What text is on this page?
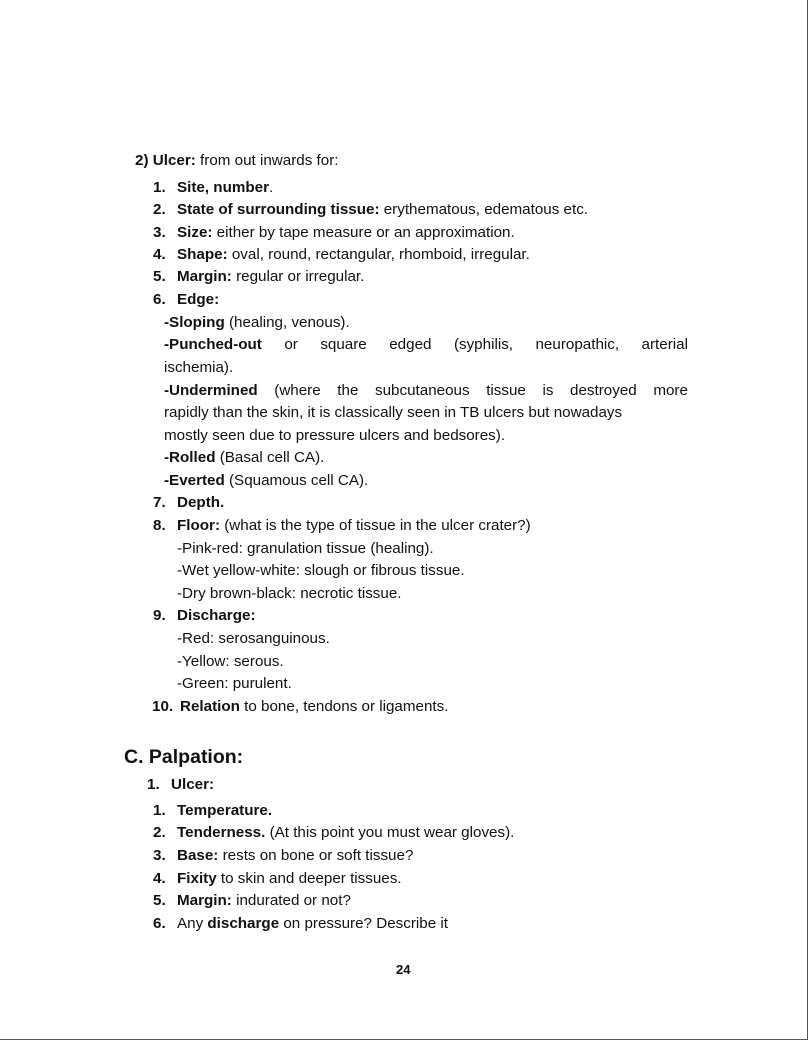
2) Ulcer: from out inwards for:
1. Site, number.
2. State of surrounding tissue: erythematous, edematous etc.
3. Size: either by tape measure or an approximation.
4. Shape: oval, round, rectangular, rhomboid, irregular.
5. Margin: regular or irregular.
6. Edge:
-Sloping (healing, venous).
-Punched-out or square edged (syphilis, neuropathic, arterial
ischemia).
-Undermined (where the subcutaneous tissue is destroyed more
rapidly than the skin, it is classically seen in TB ulcers but nowadays
mostly seen due to pressure ulcers and bedsores).
-Rolled (Basal cell CA).
-Everted (Squamous cell CA).
7. Depth.
8. Floor: (what is the type of tissue in the ulcer crater?)
-Pink-red: granulation tissue (healing).
-Wet yellow-white: slough or fibrous tissue.
-Dry brown-black: necrotic tissue.
9. Discharge:
-Red: serosanguinous.
-Yellow: serous.
-Green: purulent.
10. Relation to bone, tendons or ligaments.
C. Palpation:
1. Ulcer:
1. Temperature.
2. Tenderness. (At this point you must wear gloves).
3. Base: rests on bone or soft tissue?
4. Fixity to skin and deeper tissues.
5. Margin: indurated or not?
6. Any discharge on pressure? Describe it
24
